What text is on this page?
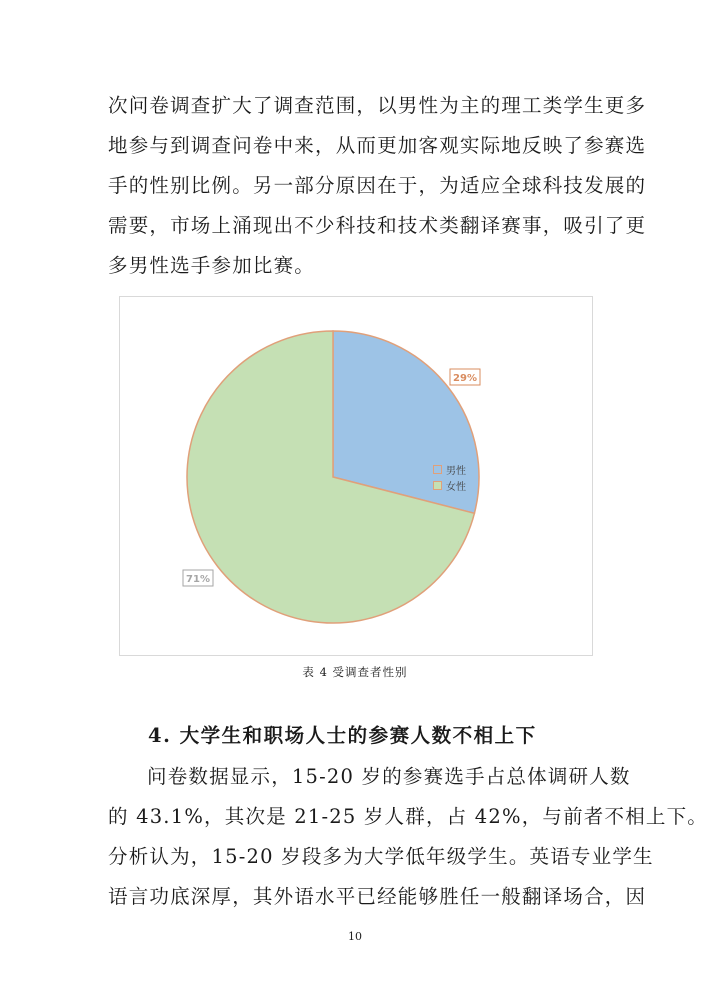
次问卷调查扩大了调查范围，以男性为主的理工类学生更多
地参与到调查问卷中来，从而更加客观实际地反映了参赛选
手的性别比例。另一部分原因在于，为适应全球科技发展的
需要，市场上涌现出不少科技和技术类翻译赛事，吸引了更
多男性选手参加比赛。
29%
71%
男性
女性
表 4 受调查者性别
4. 大学生和职场人士的参赛人数不相上下
问卷数据显示，15-20 岁的参赛选手占总体调研人数
的 43.1%，其次是 21-25 岁人群，占 42%，与前者不相上下。
分析认为，15-20 岁段多为大学低年级学生。英语专业学生
语言功底深厚，其外语水平已经能够胜任一般翻译场合，因
10
